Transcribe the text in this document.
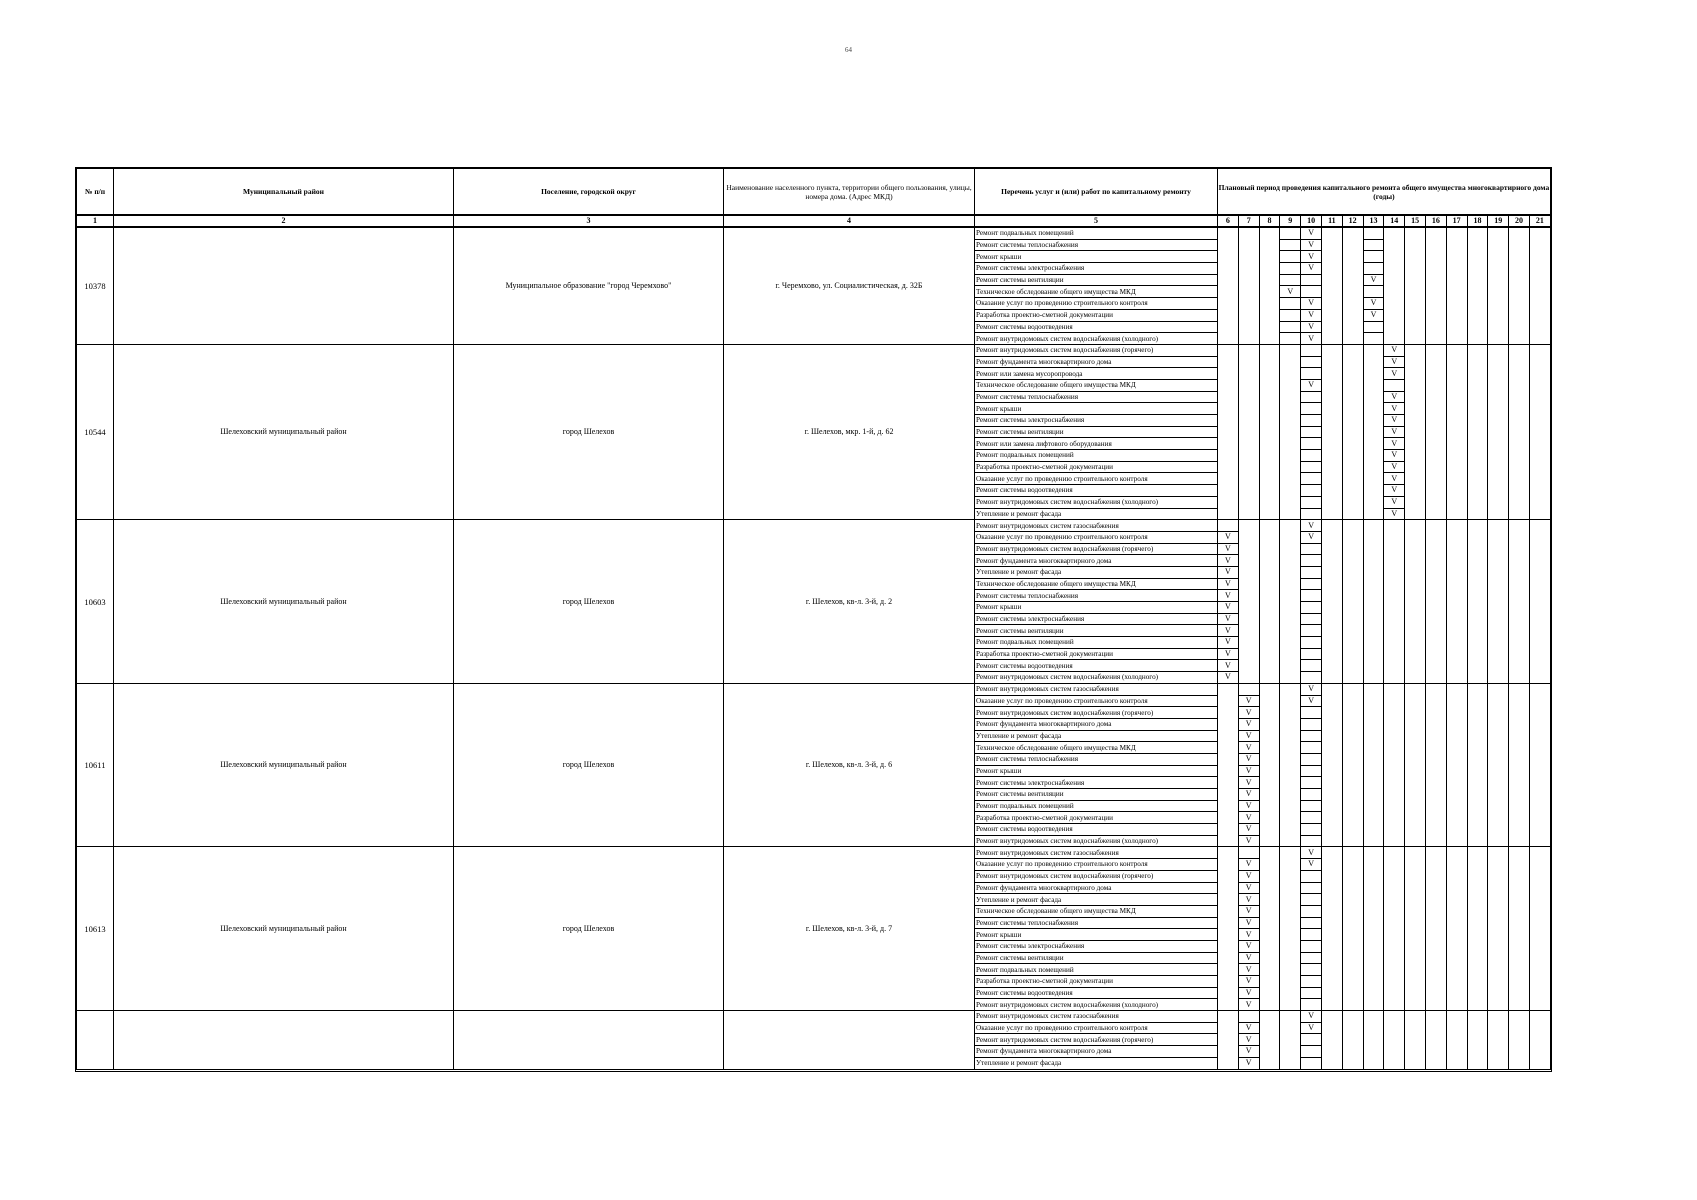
64
№ п/п	Муниципальный район	Поселение, городской округ	Наименование населенного пункта, территории общего пользования, улицы, номера дома. (Адрес МКД)	Перечень услуг и (или) работ по капитальному ремонту	Плановый период проведения капитального ремонта общего имущества многоквартирного дома (годы)															
1	2	3	4	5	6	7	8	9	10	11	12	13	14	15	16	17	18	19	20	21
10378		Муниципальное образование "город Черемхово"	г. Черемхово, ул. Социалистическая, д. 32Б	Ремонт подвальных помещений					V											
				Ремонт системы теплоснабжения					V											
				Ремонт крыши					V											
				Ремонт системы электроснабжения					V											
				Ремонт системы вентиляции								V								
				Техническое обследование общего имущества МКД				V												
				Оказание услуг по проведению строительного контроля					V			V								
				Разработка проектно-сметной документации					V			V								
				Ремонт системы водоотведения					V											
				Ремонт внутридомовых систем водоснабжения (холодного)					V											
10544	Шелеховский муниципальный район	город Шелехов	г. Шелехов, мкр. 1-й, д. 62	Ремонт внутридомовых систем водоснабжения (горячего)									V							
				Ремонт фундамента многоквартирного дома									V							
				Ремонт или замена мусоропровода									V							
				Техническое обследование общего имущества МКД					V											
				Ремонт системы теплоснабжения									V							
				Ремонт крыши									V							
				Ремонт системы электроснабжения									V							
				Ремонт системы вентиляции									V							
				Ремонт или замена лифтового оборудования									V							
				Ремонт подвальных помещений									V							
				Разработка проектно-сметной документации									V							
				Оказание услуг по проведению строительного контроля									V							
				Ремонт системы водоотведения									V							
				Ремонт внутридомовых систем водоснабжения (холодного)									V							
				Утепление и ремонт фасада									V							
10603	Шелеховский муниципальный район	город Шелехов	г. Шелехов, кв-л. 3-й, д. 2	Ремонт внутридомовых систем газоснабжения					V											
				Оказание услуг по проведению строительного контроля	V				V											
				Ремонт внутридомовых систем водоснабжения (горячего)	V															
				Ремонт фундамента многоквартирного дома	V															
				Утепление и ремонт фасада	V															
				Техническое обследование общего имущества МКД	V															
				Ремонт системы теплоснабжения	V															
				Ремонт крыши	V															
				Ремонт системы электроснабжения	V															
				Ремонт системы вентиляции	V															
				Ремонт подвальных помещений	V															
				Разработка проектно-сметной документации	V															
				Ремонт системы водоотведения	V															
				Ремонт внутридомовых систем водоснабжения (холодного)	V															
10611	Шелеховский муниципальный район	город Шелехов	г. Шелехов, кв-л. 3-й, д. 6	Ремонт внутридомовых систем газоснабжения					V											
				Оказание услуг по проведению строительного контроля		V			V											
				Ремонт внутридомовых систем водоснабжения (горячего)		V														
				Ремонт фундамента многоквартирного дома		V														
				Утепление и ремонт фасада		V														
				Техническое обследование общего имущества МКД		V														
				Ремонт системы теплоснабжения		V														
				Ремонт крыши		V														
				Ремонт системы электроснабжения		V														
				Ремонт системы вентиляции		V														
				Ремонт подвальных помещений		V														
				Разработка проектно-сметной документации		V														
				Ремонт системы водоотведения		V														
				Ремонт внутридомовых систем водоснабжения (холодного)		V														
10613	Шелеховский муниципальный район	город Шелехов	г. Шелехов, кв-л. 3-й, д. 7	Ремонт внутридомовых систем газоснабжения					V											
				Оказание услуг по проведению строительного контроля		V			V											
				Ремонт внутридомовых систем водоснабжения (горячего)		V														
				Ремонт фундамента многоквартирного дома		V														
				Утепление и ремонт фасада		V														
				Техническое обследование общего имущества МКД		V														
				Ремонт системы теплоснабжения		V														
				Ремонт крыши		V														
				Ремонт системы электроснабжения		V														
				Ремонт системы вентиляции		V														
				Ремонт подвальных помещений		V														
				Разработка проектно-сметной документации		V														
				Ремонт системы водоотведения		V														
				Ремонт внутридомовых систем водоснабжения (холодного)		V														
				Ремонт внутридомовых систем газоснабжения					V											
				Оказание услуг по проведению строительного контроля		V			V											
				Ремонт внутридомовых систем водоснабжения (горячего)		V														
				Ремонт фундамента многоквартирного дома		V														
				Утепление и ремонт фасада		V														
